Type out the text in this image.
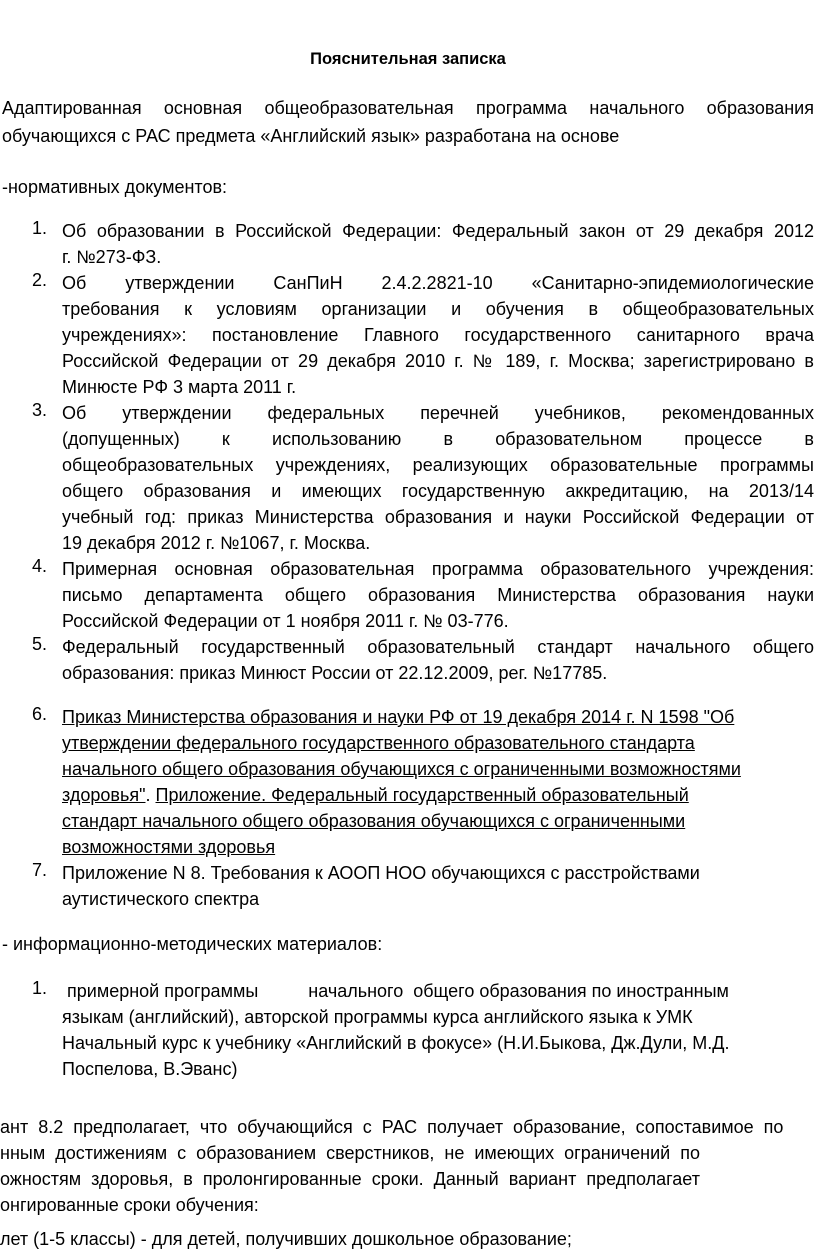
Пояснительная записка
Адаптированная основная общеобразовательная программа начального образования
обучающихся с РАС предмета «Английский язык» разработана на основе
-нормативных документов:
1. Об образовании в Российской Федерации: Федеральный закон от 29 декабря 2012
г. №273-ФЗ.
2. Об утверждении СанПиН 2.4.2.2821-10 «Санитарно-эпидемиологические
требования к условиям организации и обучения в общеобразовательных
учреждениях»: постановление Главного государственного санитарного врача
Российской Федерации от 29 декабря 2010 г. № 189, г. Москва; зарегистрировано в
Минюсте РФ 3 марта 2011 г.
3. Об утверждении федеральных перечней учебников, рекомендованных
(допущенных) к использованию в образовательном процессе в
общеобразовательных учреждениях, реализующих образовательные программы
общего образования и имеющих государственную аккредитацию, на 2013/14
учебный год: приказ Министерства образования и науки Российской Федерации от
19 декабря 2012 г. №1067, г. Москва.
4. Примерная основная образовательная программа образовательного учреждения:
письмо департамента общего образования Министерства образования науки
Российской Федерации от 1 ноября 2011 г. № 03-776.
5. Федеральный государственный образовательный стандарт начального общего
образования: приказ Минюст России от 22.12.2009, рег. №17785.
6. Приказ Министерства образования и науки РФ от 19 декабря 2014 г. N 1598 "Об
утверждении федерального государственного образовательного стандарта
начального общего образования обучающихся с ограниченными возможностями
здоровья". Приложение. Федеральный государственный образовательный
стандарт начального общего образования обучающихся с ограниченными
возможностями здоровья
7. Приложение N 8. Требования к АООП НОО обучающихся с расстройствами
аутистического спектра
- информационно-методических материалов:
1. примерной программы          начального  общего образования по иностранным
языкам (английский), авторской программы курса английского языка к УМК
Начальный курс к учебнику «Английский в фокусе» (Н.И.Быкова, Дж.Дули, М.Д.
Поспелова, В.Эванс)
ант  8.2  предполагает,  что  обучающийся  с  РАС  получает  образование,  сопоставимое  по
нным  достижениям  с  образованием  сверстников,  не  имеющих  ограничений  по
ожностям  здоровья,  в  пролонгированные  сроки.  Данный  вариант  предполагает
онгированные сроки обучения:
лет (1-5 классы) - для детей, получивших дошкольное образование;
